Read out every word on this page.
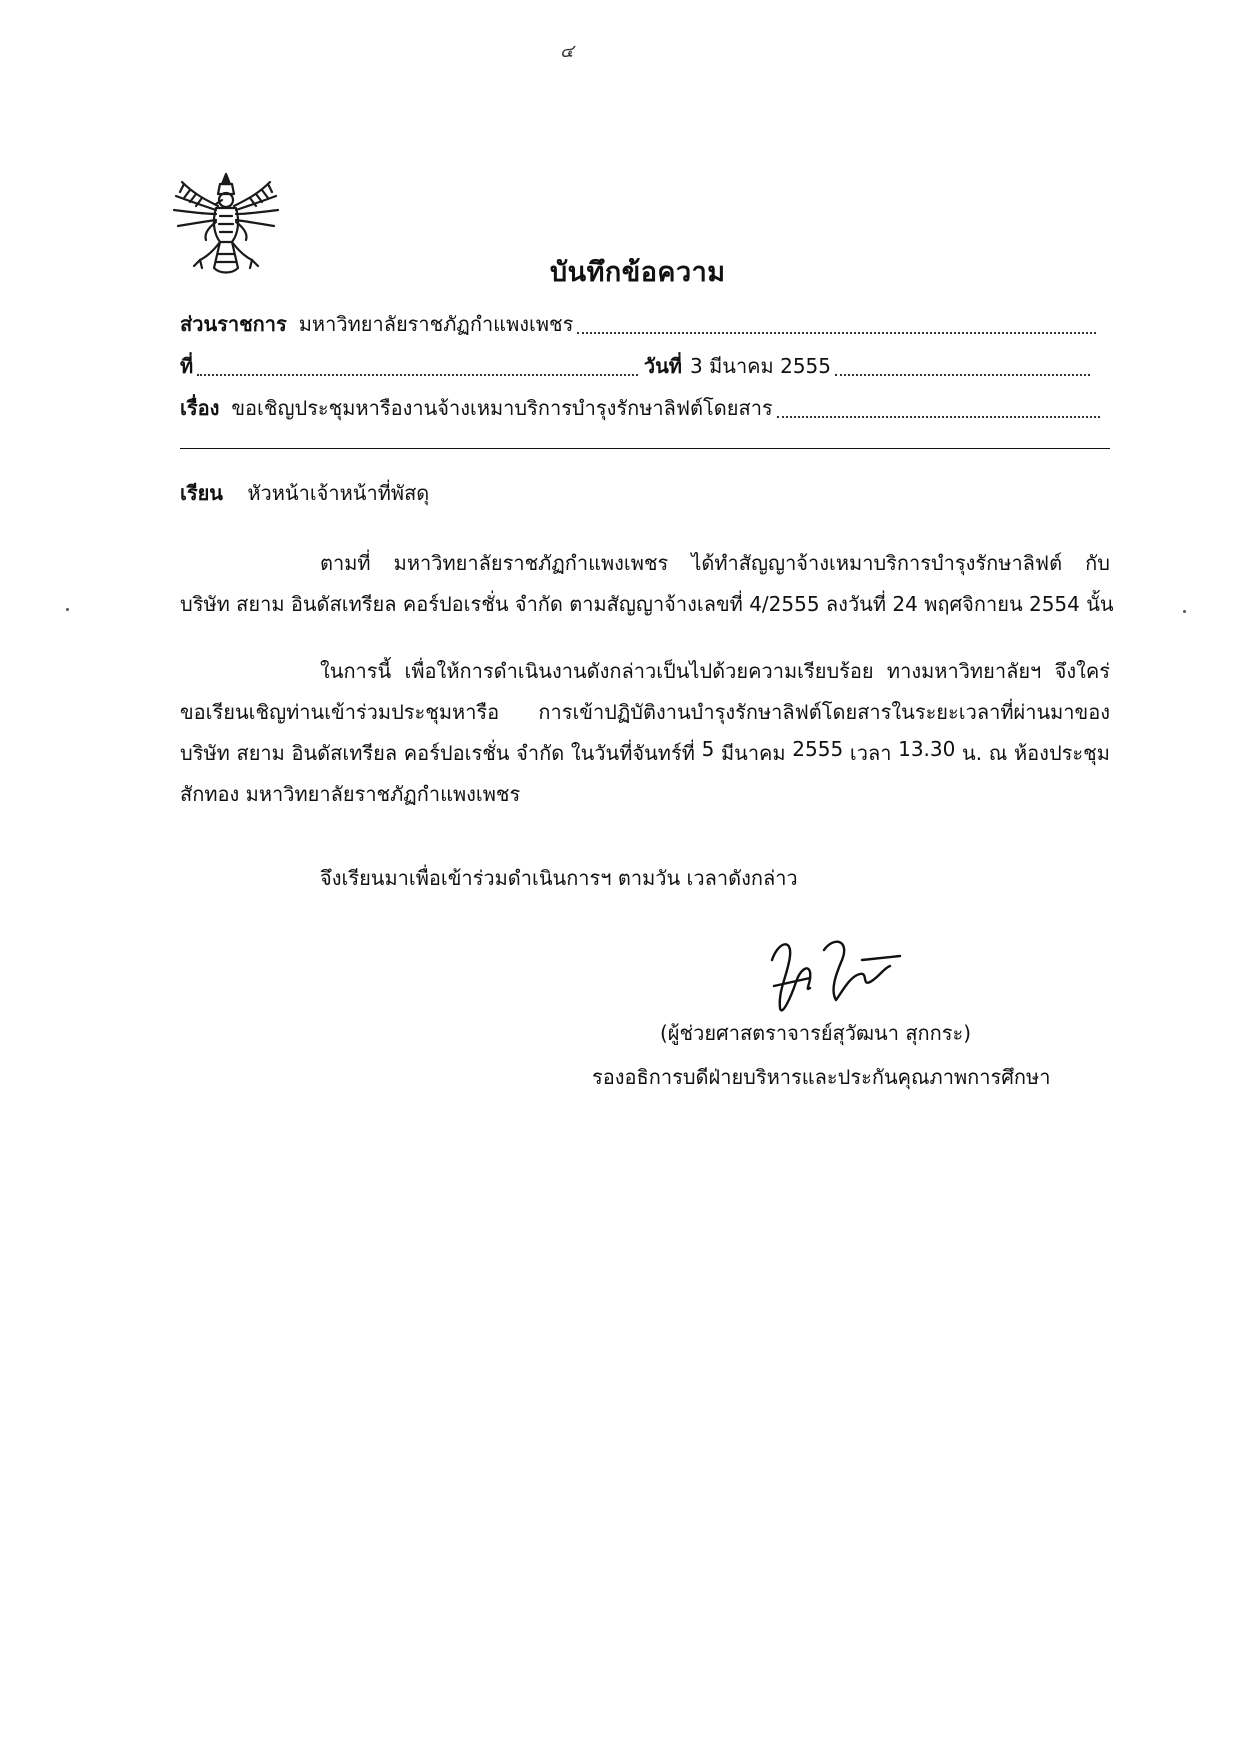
๔
บันทึกข้อความ
ส่วนราชการ มหาวิทยาลัยราชภัฏกำแพงเพชร
ที่	วันที่ 3 มีนาคม 2555
เรื่อง ขอเชิญประชุมหารืองานจ้างเหมาบริการบำรุงรักษาลิฟต์โดยสาร
เรียน หัวหน้าเจ้าหน้าที่พัสดุ
ตามที่ มหาวิทยาลัยราชภัฏกำแพงเพชร ได้ทำสัญญาจ้างเหมาบริการบำรุงรักษาลิฟต์ กับ
บริษัท สยาม อินดัสเทรียล คอร์ปอเรชั่น จำกัด ตามสัญญาจ้างเลขที่ 4/2555 ลงวันที่ 24 พฤศจิกายน 2554 นั้น
ในการนี้ เพื่อให้การดำเนินงานดังกล่าวเป็นไปด้วยความเรียบร้อย ทางมหาวิทยาลัยฯ จึงใคร่
ขอเรียนเชิญท่านเข้าร่วมประชุมหารือ การเข้าปฏิบัติงานบำรุงรักษาลิฟต์โดยสารในระยะเวลาที่ผ่านมาของ
บริษัท สยาม อินดัสเทรียล คอร์ปอเรชั่น จำกัด ในวันที่จันทร์ที่ 5 มีนาคม 2555 เวลา 13.30 น. ณ ห้องประชุม
สักทอง มหาวิทยาลัยราชภัฏกำแพงเพชร
จึงเรียนมาเพื่อเข้าร่วมดำเนินการฯ ตามวัน เวลาดังกล่าว
(ผู้ช่วยศาสตราจารย์สุวัฒนา สุกกระ)
รองอธิการบดีฝ่ายบริหารและประกันคุณภาพการศึกษา
